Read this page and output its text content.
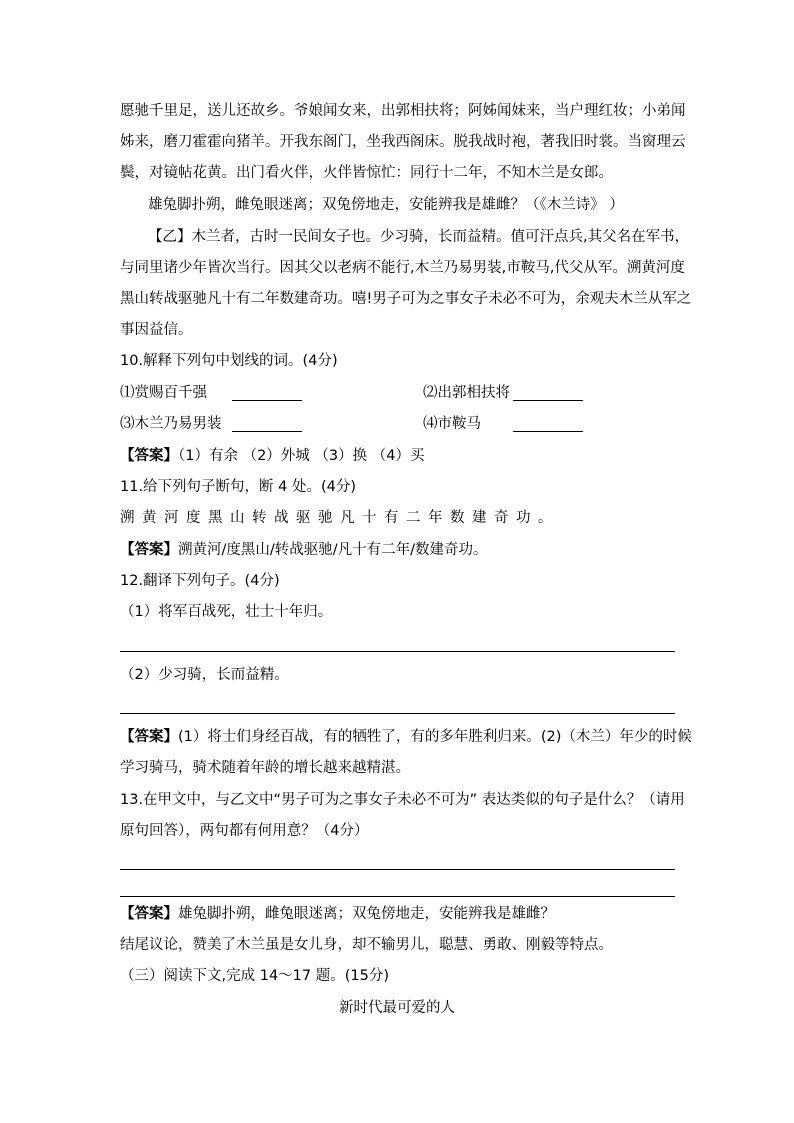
愿驰千里足，送儿还故乡。爷娘闻女来，出郭相扶将；阿姊闻妹来，当户理红妆；小弟闻
姊来，磨刀霍霍向猪羊。开我东阁门，坐我西阁床。脱我战时袍，著我旧时裳。当窗理云
鬓，对镜帖花黄。出门看火伴，火伴皆惊忙：同行十二年，不知木兰是女郎。
雄兔脚扑朔，雌兔眼迷离；双兔傍地走，安能辨我是雄雌？（《木兰诗》 ）
【乙】木兰者，古时一民间女子也。少习骑，长而益精。值可汗点兵,其父名在军书，
与同里诸少年皆次当行。因其父以老病不能行,木兰乃易男装,市鞍马,代父从军。溯黄河度
黑山转战驱驰凡十有二年数建奇功。嘻!男子可为之事女子未必不可为，余观夫木兰从军之
事因益信。
10.解释下列句中划线的词。(4分)
⑴赏赐百千强	⑵出郭相扶将
⑶木兰乃易男装	⑷市鞍马
【答案】（1）有余 （2）外城 （3）换 （4）买
11.给下列句子断句，断 4 处。(4分)
溯黄河度黑山转战驱驰凡十有二年数建奇功。
【答案】溯黄河/度黑山/转战驱驰/凡十有二年/数建奇功。
12.翻译下列句子。(4分)
（1）将军百战死，壮士十年归。
（2）少习骑，长而益精。
【答案】(1）将士们身经百战，有的牺牲了，有的多年胜利归来。(2)（木兰）年少的时候
学习骑马，骑术随着年龄的增长越来越精湛。
13.在甲文中，与乙文中“男子可为之事女子未必不可为” 表达类似的句子是什么？（请用
原句回答），两句都有何用意？（4分）
【答案】雄兔脚扑朔，雌兔眼迷离；双兔傍地走，安能辨我是雄雌？
结尾议论，赞美了木兰虽是女儿身，却不输男儿，聪慧、勇敢、刚毅等特点。
（三）阅读下文,完成 14～17 题。(15分)
新时代最可爱的人
